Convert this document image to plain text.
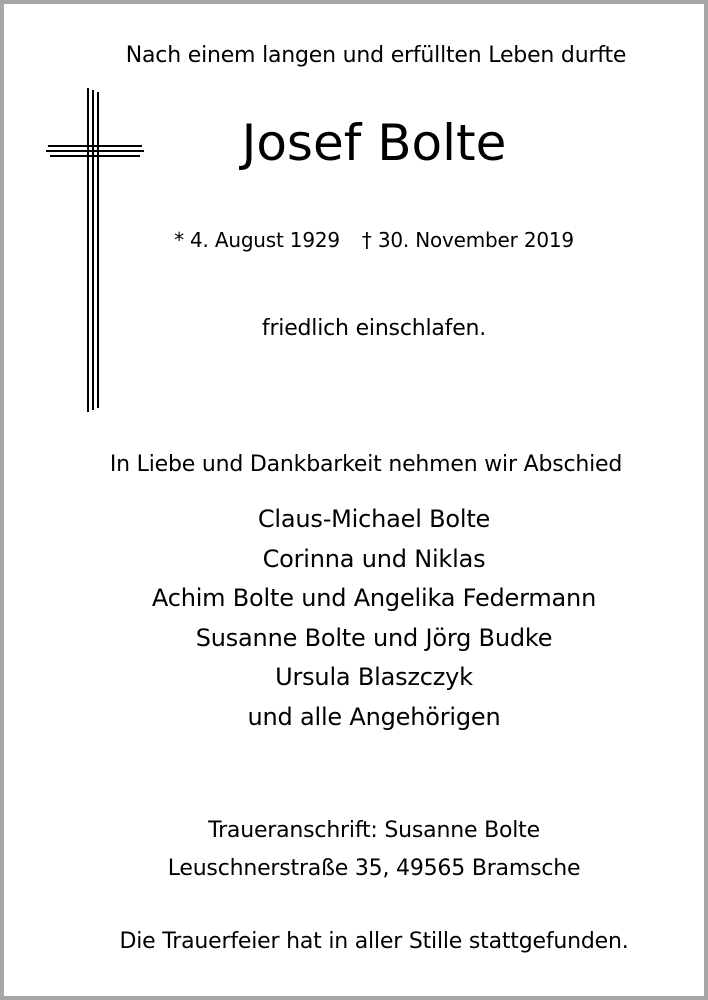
Nach einem langen und erfüllten Leben durfte
Josef Bolte
* 4. August 1929 † 30. November 2019
friedlich einschlafen.
In Liebe und Dankbarkeit nehmen wir Abschied
Claus-Michael Bolte
Corinna und Niklas
Achim Bolte und Angelika Federmann
Susanne Bolte und Jörg Budke
Ursula Blaszczyk
und alle Angehörigen
Traueranschrift: Susanne Bolte
Leuschnerstraße 35, 49565 Bramsche
Die Trauerfeier hat in aller Stille stattgefunden.
